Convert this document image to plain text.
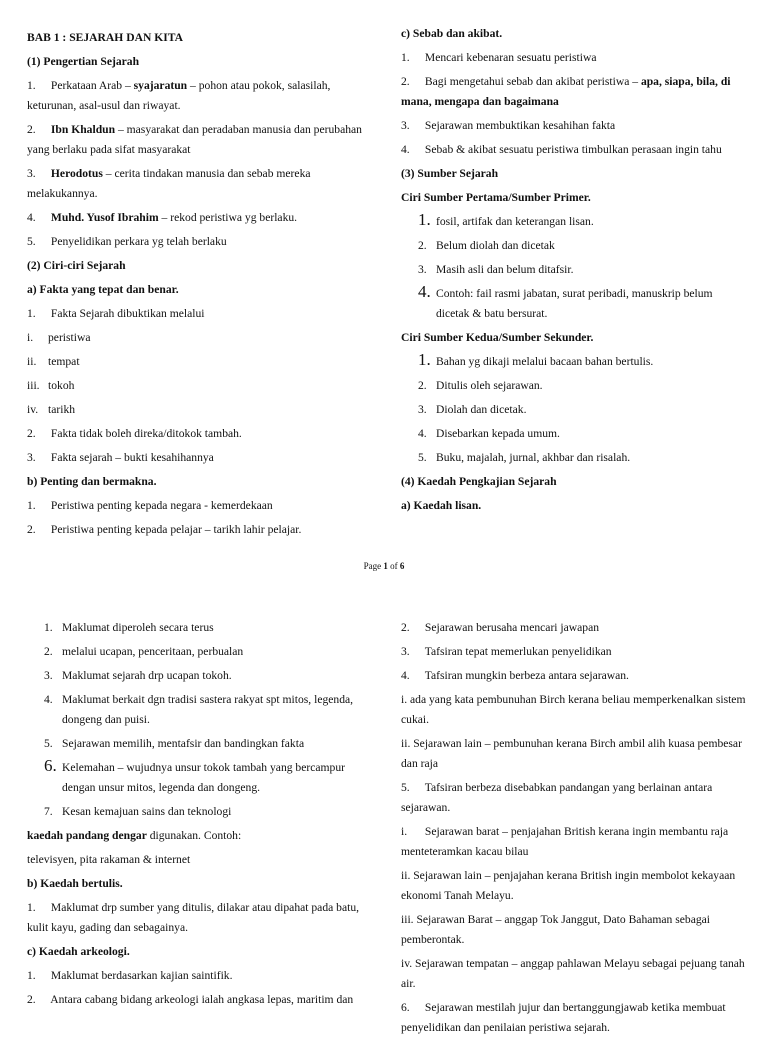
BAB 1 : SEJARAH DAN KITA
(1) Pengertian Sejarah
1. Perkataan Arab – syajaratun – pohon atau pokok, salasilah, keturunan, asal-usul dan riwayat.
2. Ibn Khaldun – masyarakat dan peradaban manusia dan perubahan yang berlaku pada sifat masyarakat
3. Herodotus – cerita tindakan manusia dan sebab mereka melakukannya.
4. Muhd. Yusof Ibrahim – rekod peristiwa yg berlaku.
5. Penyelidikan perkara yg telah berlaku
(2) Ciri-ciri Sejarah
a) Fakta yang tepat dan benar.
1. Fakta Sejarah dibuktikan melalui
i. peristiwa
ii. tempat
iii. tokoh
iv. tarikh
2. Fakta tidak boleh direka/ditokok tambah.
3. Fakta sejarah – bukti kesahihannya
b) Penting dan bermakna.
1. Peristiwa penting kepada negara - kemerdekaan
2. Peristiwa penting kepada pelajar – tarikh lahir pelajar.
c) Sebab dan akibat.
1. Mencari kebenaran sesuatu peristiwa
2. Bagi mengetahui sebab dan akibat peristiwa – apa, siapa, bila, di mana, mengapa dan bagaimana
3. Sejarawan membuktikan kesahihan fakta
4. Sebab & akibat sesuatu peristiwa timbulkan perasaan ingin tahu
(3) Sumber Sejarah
Ciri Sumber Pertama/Sumber Primer.
1. fosil, artifak dan keterangan lisan.
2. Belum diolah dan dicetak
3. Masih asli dan belum ditafsir.
4. Contoh: fail rasmi jabatan, surat peribadi, manuskrip belum dicetak & batu bersurat.
Ciri Sumber Kedua/Sumber Sekunder.
1. Bahan yg dikaji melalui bacaan bahan bertulis.
2. Ditulis oleh sejarawan.
3. Diolah dan dicetak.
4. Disebarkan kepada umum.
5. Buku, majalah, jurnal, akhbar dan risalah.
(4) Kaedah Pengkajian Sejarah
a) Kaedah lisan.
Page 1 of 6
1. Maklumat diperoleh secara terus
2. melalui ucapan, penceritaan, perbualan
3. Maklumat sejarah drp ucapan tokoh.
4. Maklumat berkait dgn tradisi sastera rakyat spt mitos, legenda, dongeng dan puisi.
5. Sejarawan memilih, mentafsir dan bandingkan fakta
6. Kelemahan – wujudnya unsur tokok tambah yang bercampur dengan unsur mitos, legenda dan dongeng.
7. Kesan kemajuan sains dan teknologi
kaedah pandang dengar digunakan. Contoh:
televisyen, pita rakaman & internet
b) Kaedah bertulis.
1. Maklumat drp sumber yang ditulis, dilakar atau dipahat pada batu, kulit kayu, gading dan sebagainya.
c) Kaedah arkeologi.
1. Maklumat berdasarkan kajian saintifik.
2. Antara cabang bidang arkeologi ialah angkasa lepas, maritim dan
2. Sejarawan berusaha mencari jawapan
3. Tafsiran tepat memerlukan penyelidikan
4. Tafsiran mungkin berbeza antara sejarawan.
i. ada yang kata pembunuhan Birch kerana beliau memperkenalkan sistem cukai.
ii. Sejarawan lain – pembunuhan kerana Birch ambil alih kuasa pembesar dan raja
5. Tafsiran berbeza disebabkan pandangan yang berlainan antara sejarawan.
i. Sejarawan barat – penjajahan British kerana ingin membantu raja menteteramkan kacau bilau
ii. Sejarawan lain – penjajahan kerana British ingin membolot kekayaan ekonomi Tanah Melayu.
iii. Sejarawan Barat – anggap Tok Janggut, Dato Bahaman sebagai pemberontak.
iv. Sejarawan tempatan – anggap pahlawan Melayu sebagai pejuang tanah air.
6. Sejarawan mestilah jujur dan bertanggungjawab ketika membuat penyelidikan dan penilaian peristiwa sejarah.
